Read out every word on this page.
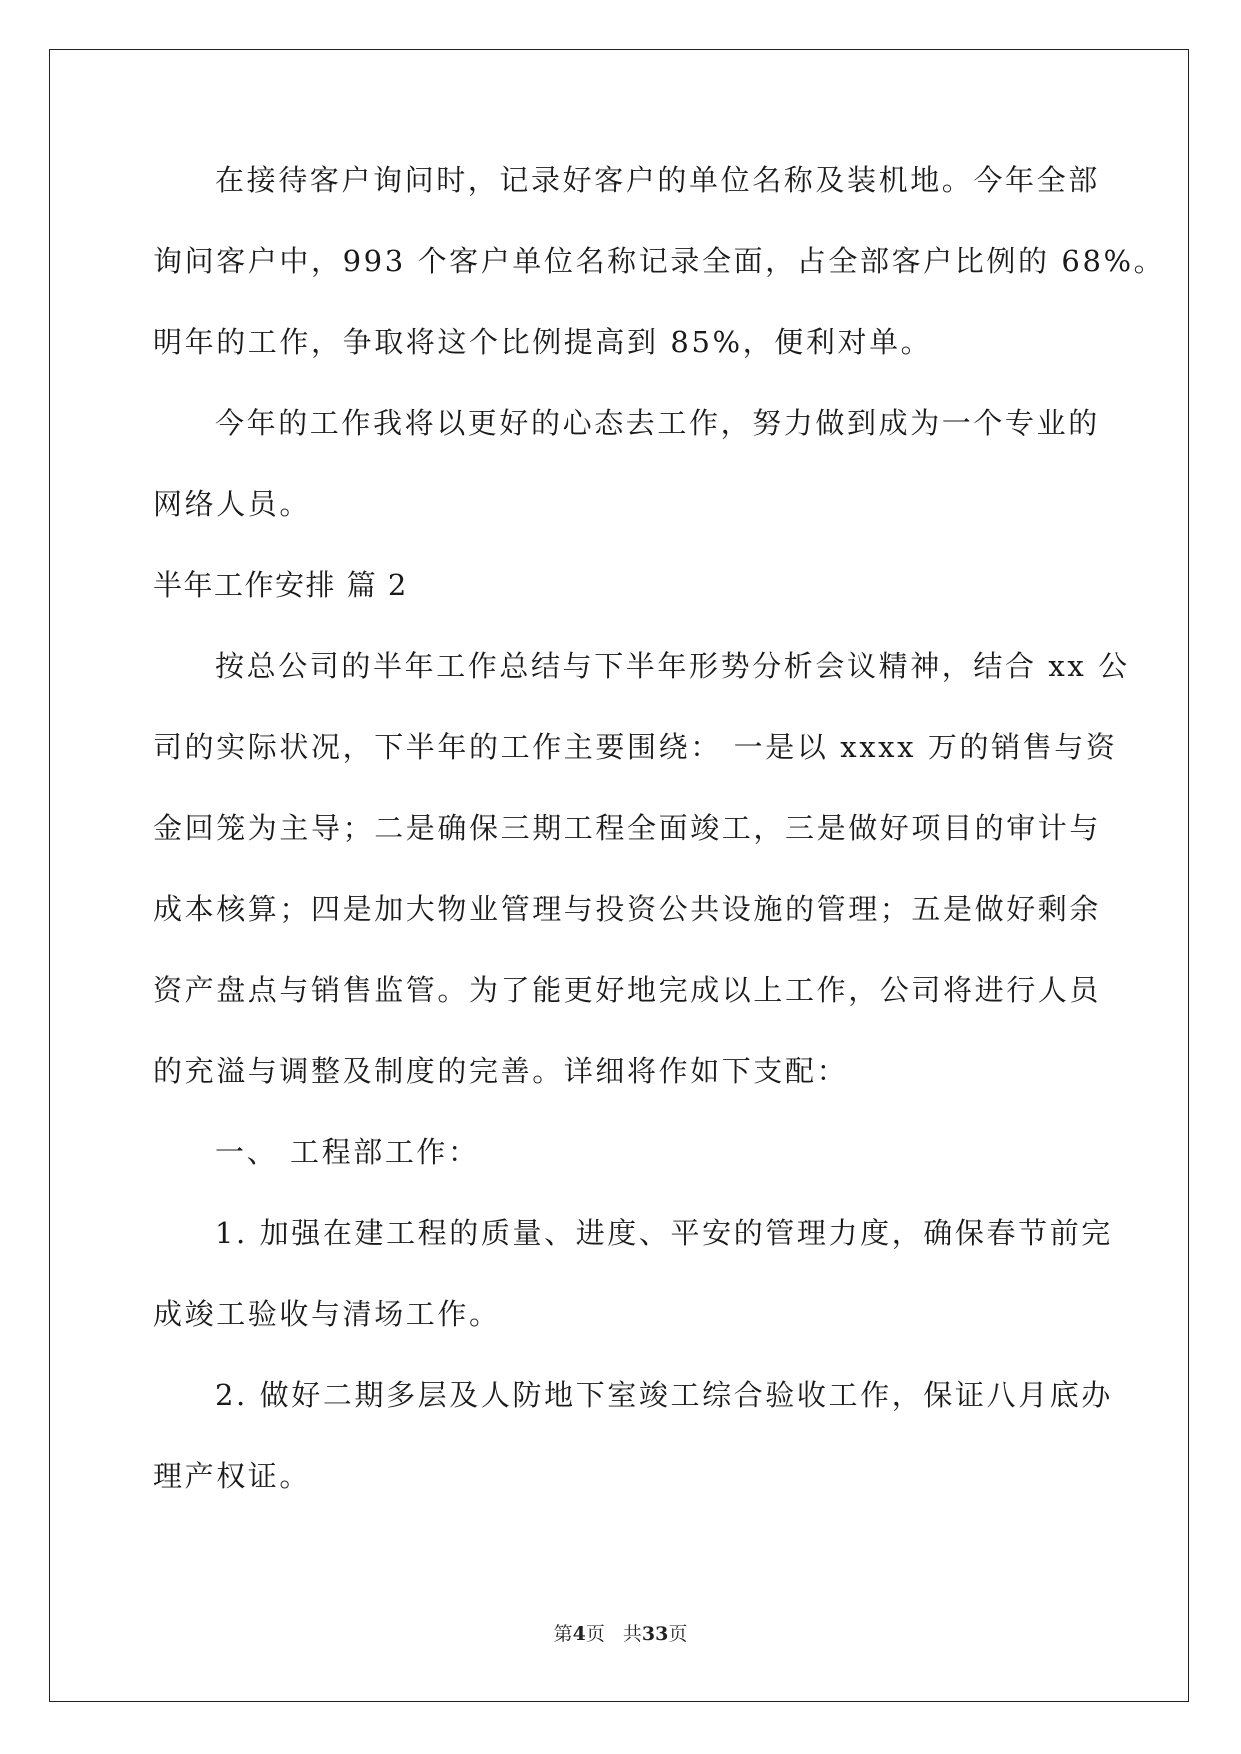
在接待客户询问时，记录好客户的单位名称及装机地。今年全部
询问客户中，993 个客户单位名称记录全面，占全部客户比例的 68%。
明年的工作，争取将这个比例提高到 85%，便利对单。
今年的工作我将以更好的心态去工作，努力做到成为一个专业的
网络人员。
半年工作安排 篇 2
按总公司的半年工作总结与下半年形势分析会议精神，结合 xx 公
司的实际状况，下半年的工作主要围绕： 一是以 xxxx 万的销售与资
金回笼为主导；二是确保三期工程全面竣工，三是做好项目的审计与
成本核算；四是加大物业管理与投资公共设施的管理；五是做好剩余
资产盘点与销售监管。为了能更好地完成以上工作，公司将进行人员
的充溢与调整及制度的完善。详细将作如下支配：
一、 工程部工作：
1. 加强在建工程的质量、进度、平安的管理力度，确保春节前完
成竣工验收与清场工作。
2. 做好二期多层及人防地下室竣工综合验收工作，保证八月底办
理产权证。
第4页 共33页
